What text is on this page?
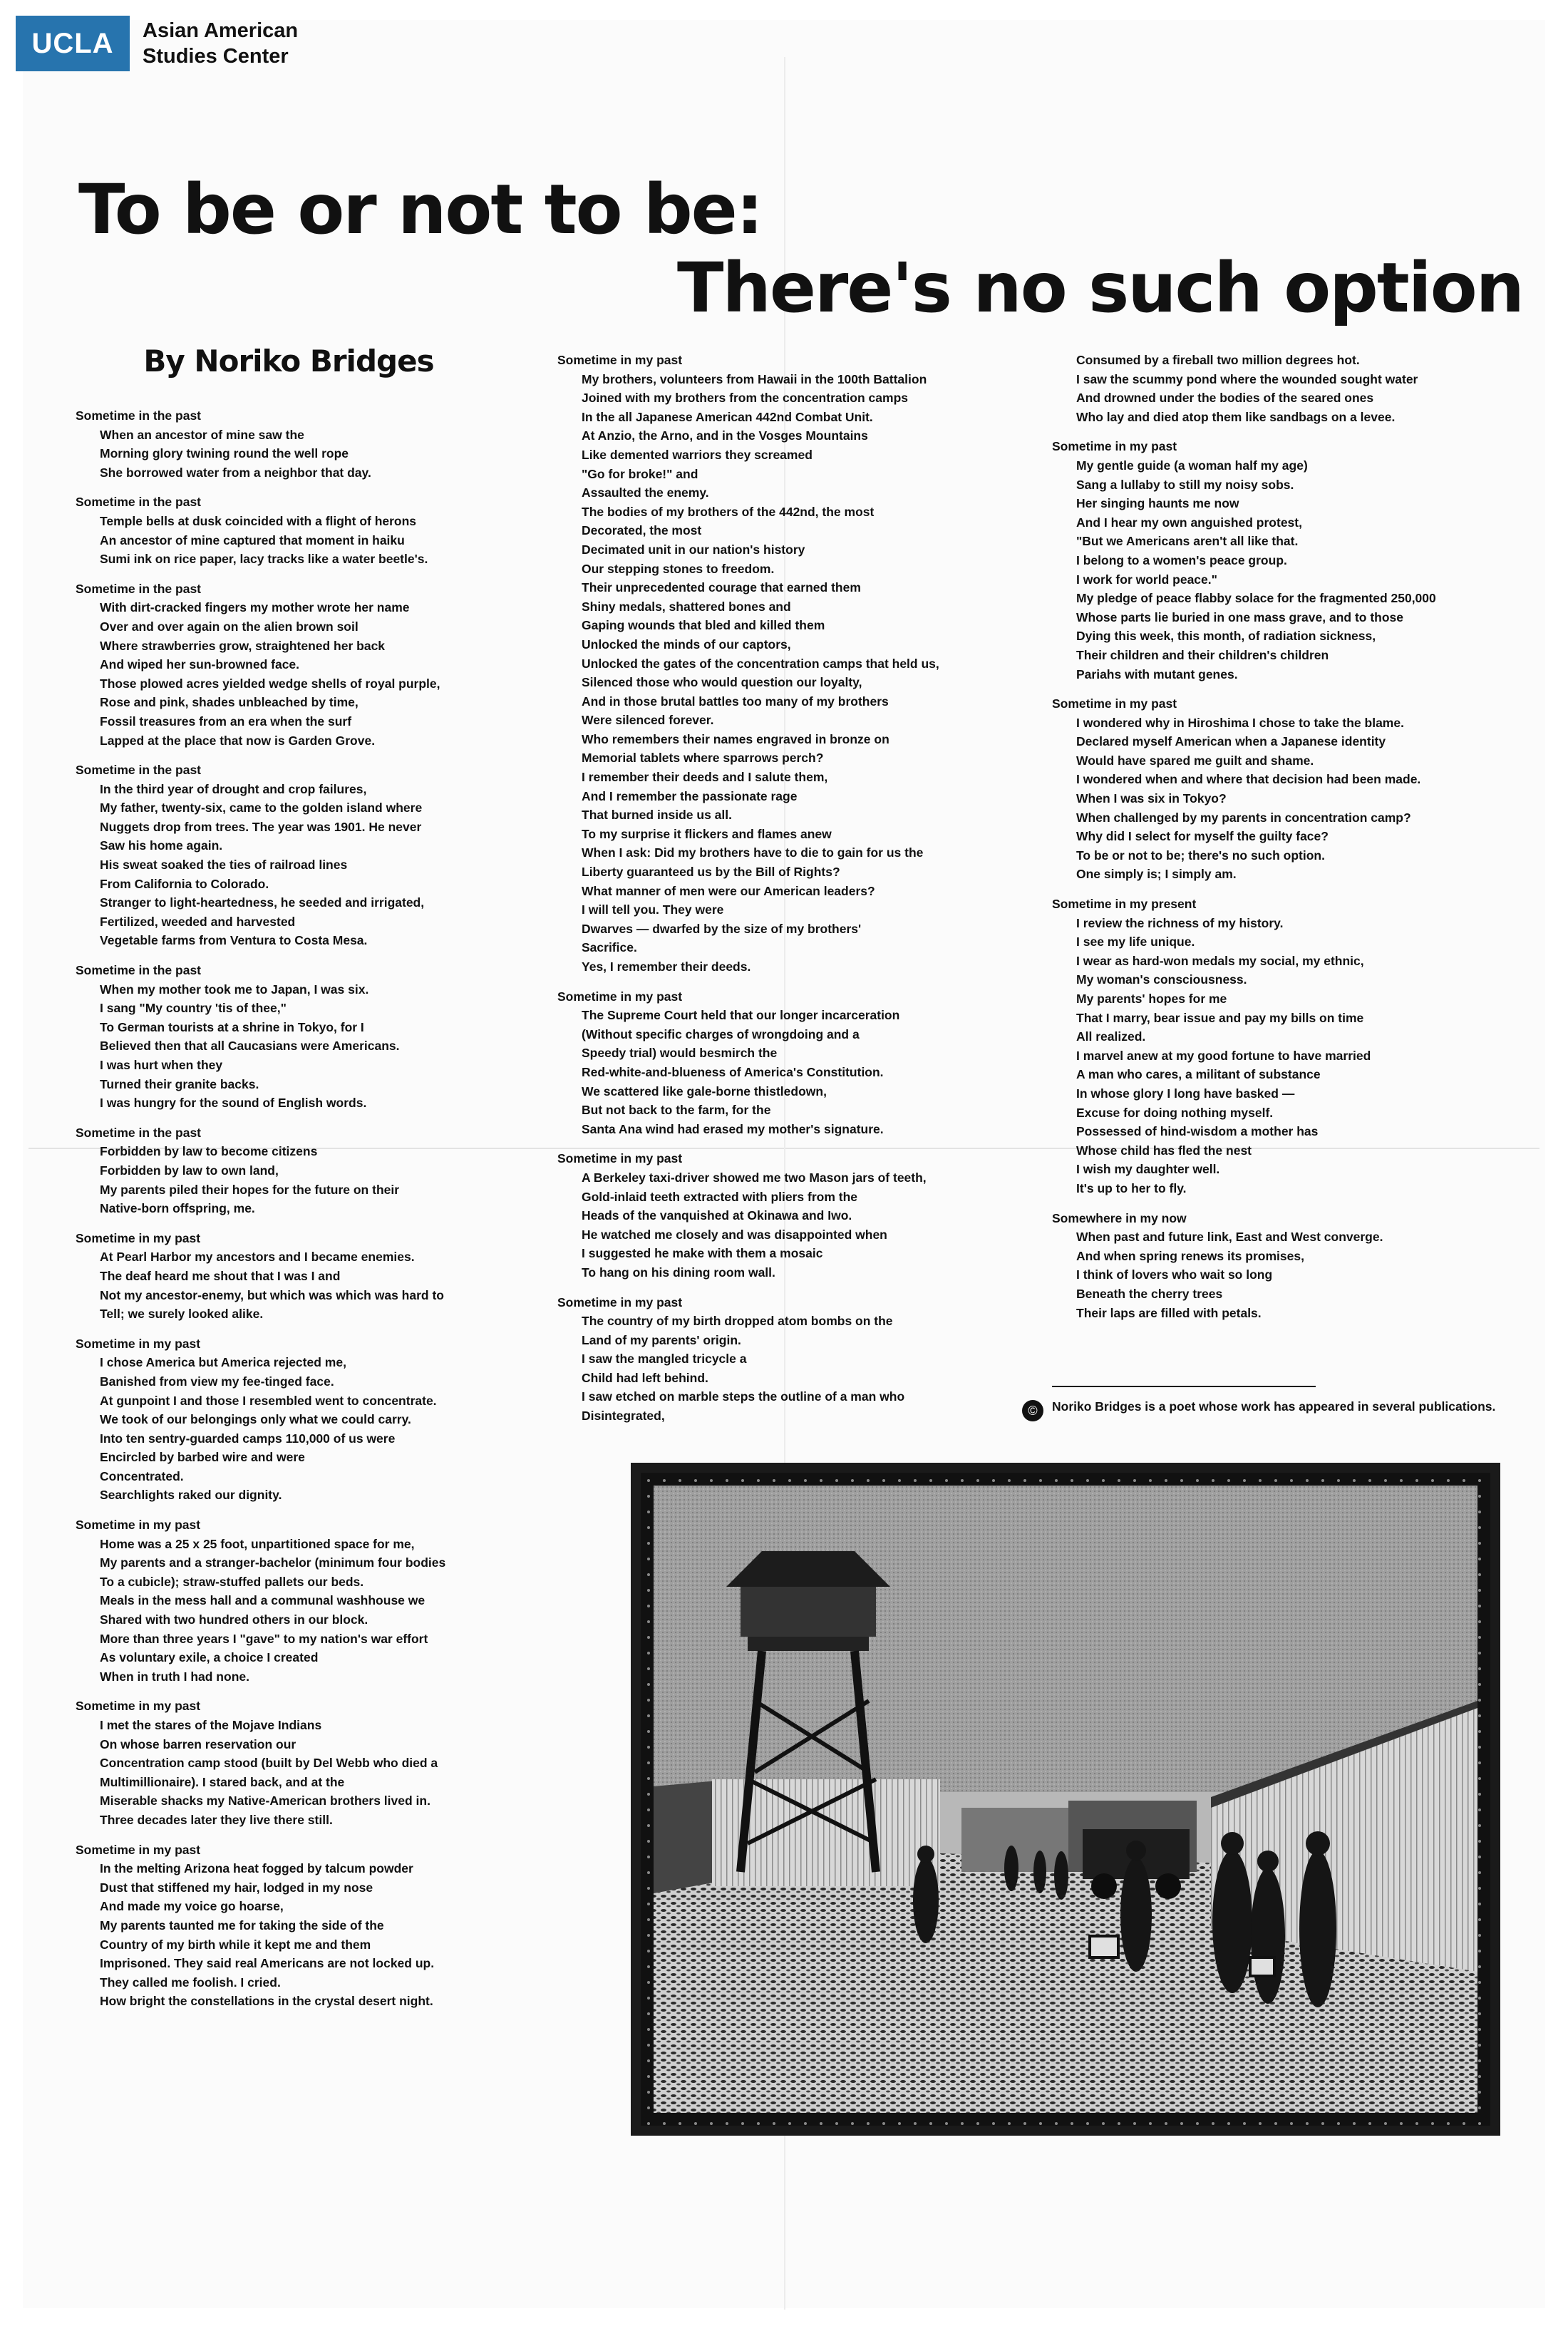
UCLA Asian American
Studies Center
To be or not to be:
There's no such option
By Noriko Bridges
Sometime in the past
When an ancestor of mine saw the
Morning glory twining round the well rope
She borrowed water from a neighbor that day.
Sometime in the past
Temple bells at dusk coincided with a flight of herons
An ancestor of mine captured that moment in haiku
Sumi ink on rice paper, lacy tracks like a water beetle's.
Sometime in the past
With dirt-cracked fingers my mother wrote her name
Over and over again on the alien brown soil
Where strawberries grow, straightened her back
And wiped her sun-browned face.
Those plowed acres yielded wedge shells of royal purple,
Rose and pink, shades unbleached by time,
Fossil treasures from an era when the surf
Lapped at the place that now is Garden Grove.
Sometime in the past
In the third year of drought and crop failures,
My father, twenty-six, came to the golden island where
Nuggets drop from trees. The year was 1901. He never
Saw his home again.
His sweat soaked the ties of railroad lines
From California to Colorado.
Stranger to light-heartedness, he seeded and irrigated,
Fertilized, weeded and harvested
Vegetable farms from Ventura to Costa Mesa.
Sometime in the past
When my mother took me to Japan, I was six.
I sang "My country 'tis of thee,"
To German tourists at a shrine in Tokyo, for I
Believed then that all Caucasians were Americans.
I was hurt when they
Turned their granite backs.
I was hungry for the sound of English words.
Sometime in the past
Forbidden by law to become citizens
Forbidden by law to own land,
My parents piled their hopes for the future on their
Native-born offspring, me.
Sometime in my past
At Pearl Harbor my ancestors and I became enemies.
The deaf heard me shout that I was I and
Not my ancestor-enemy, but which was which was hard to
Tell; we surely looked alike.
Sometime in my past
I chose America but America rejected me,
Banished from view my fee-tinged face.
At gunpoint I and those I resembled went to concentrate.
We took of our belongings only what we could carry.
Into ten sentry-guarded camps 110,000 of us were
Encircled by barbed wire and were
Concentrated.
Searchlights raked our dignity.
Sometime in my past
Home was a 25 x 25 foot, unpartitioned space for me,
My parents and a stranger-bachelor (minimum four bodies
To a cubicle); straw-stuffed pallets our beds.
Meals in the mess hall and a communal washhouse we
Shared with two hundred others in our block.
More than three years I "gave" to my nation's war effort
As voluntary exile, a choice I created
When in truth I had none.
Sometime in my past
I met the stares of the Mojave Indians
On whose barren reservation our
Concentration camp stood (built by Del Webb who died a
Multimillionaire). I stared back, and at the
Miserable shacks my Native-American brothers lived in.
Three decades later they live there still.
Sometime in my past
In the melting Arizona heat fogged by talcum powder
Dust that stiffened my hair, lodged in my nose
And made my voice go hoarse,
My parents taunted me for taking the side of the
Country of my birth while it kept me and them
Imprisoned. They said real Americans are not locked up.
They called me foolish. I cried.
How bright the constellations in the crystal desert night.
Sometime in my past
My brothers, volunteers from Hawaii in the 100th Battalion
Joined with my brothers from the concentration camps
In the all Japanese American 442nd Combat Unit.
At Anzio, the Arno, and in the Vosges Mountains
Like demented warriors they screamed
"Go for broke!" and
Assaulted the enemy.
The bodies of my brothers of the 442nd, the most
Decorated, the most
Decimated unit in our nation's history
Our stepping stones to freedom.
Their unprecedented courage that earned them
Shiny medals, shattered bones and
Gaping wounds that bled and killed them
Unlocked the minds of our captors,
Unlocked the gates of the concentration camps that held us,
Silenced those who would question our loyalty,
And in those brutal battles too many of my brothers
Were silenced forever.
Who remembers their names engraved in bronze on
Memorial tablets where sparrows perch?
I remember their deeds and I salute them,
And I remember the passionate rage
That burned inside us all.
To my surprise it flickers and flames anew
When I ask: Did my brothers have to die to gain for us the
Liberty guaranteed us by the Bill of Rights?
What manner of men were our American leaders?
I will tell you. They were
Dwarves — dwarfed by the size of my brothers'
Sacrifice.
Yes, I remember their deeds.
Sometime in my past
The Supreme Court held that our longer incarceration
(Without specific charges of wrongdoing and a
Speedy trial) would besmirch the
Red-white-and-blueness of America's Constitution.
We scattered like gale-borne thistledown,
But not back to the farm, for the
Santa Ana wind had erased my mother's signature.
Sometime in my past
A Berkeley taxi-driver showed me two Mason jars of teeth,
Gold-inlaid teeth extracted with pliers from the
Heads of the vanquished at Okinawa and Iwo.
He watched me closely and was disappointed when
I suggested he make with them a mosaic
To hang on his dining room wall.
Sometime in my past
The country of my birth dropped atom bombs on the
Land of my parents' origin.
I saw the mangled tricycle a
Child had left behind.
I saw etched on marble steps the outline of a man who
Disintegrated,
Consumed by a fireball two million degrees hot.
I saw the scummy pond where the wounded sought water
And drowned under the bodies of the seared ones
Who lay and died atop them like sandbags on a levee.
Sometime in my past
My gentle guide (a woman half my age)
Sang a lullaby to still my noisy sobs.
Her singing haunts me now
And I hear my own anguished protest,
"But we Americans aren't all like that.
I belong to a women's peace group.
I work for world peace."
My pledge of peace flabby solace for the fragmented 250,000
Whose parts lie buried in one mass grave, and to those
Dying this week, this month, of radiation sickness,
Their children and their children's children
Pariahs with mutant genes.
Sometime in my past
I wondered why in Hiroshima I chose to take the blame.
Declared myself American when a Japanese identity
Would have spared me guilt and shame.
I wondered when and where that decision had been made.
When I was six in Tokyo?
When challenged by my parents in concentration camp?
Why did I select for myself the guilty face?
To be or not to be; there's no such option.
One simply is; I simply am.
Sometime in my present
I review the richness of my history.
I see my life unique.
I wear as hard-won medals my social, my ethnic,
My woman's consciousness.
My parents' hopes for me
That I marry, bear issue and pay my bills on time
All realized.
I marvel anew at my good fortune to have married
A man who cares, a militant of substance
In whose glory I long have basked —
Excuse for doing nothing myself.
Possessed of hind-wisdom a mother has
Whose child has fled the nest
I wish my daughter well.
It's up to her to fly.
Somewhere in my now
When past and future link, East and West converge.
And when spring renews its promises,
I think of lovers who wait so long
Beneath the cherry trees
Their laps are filled with petals.
©	Noriko Bridges is a poet whose work has appeared in several publications.
